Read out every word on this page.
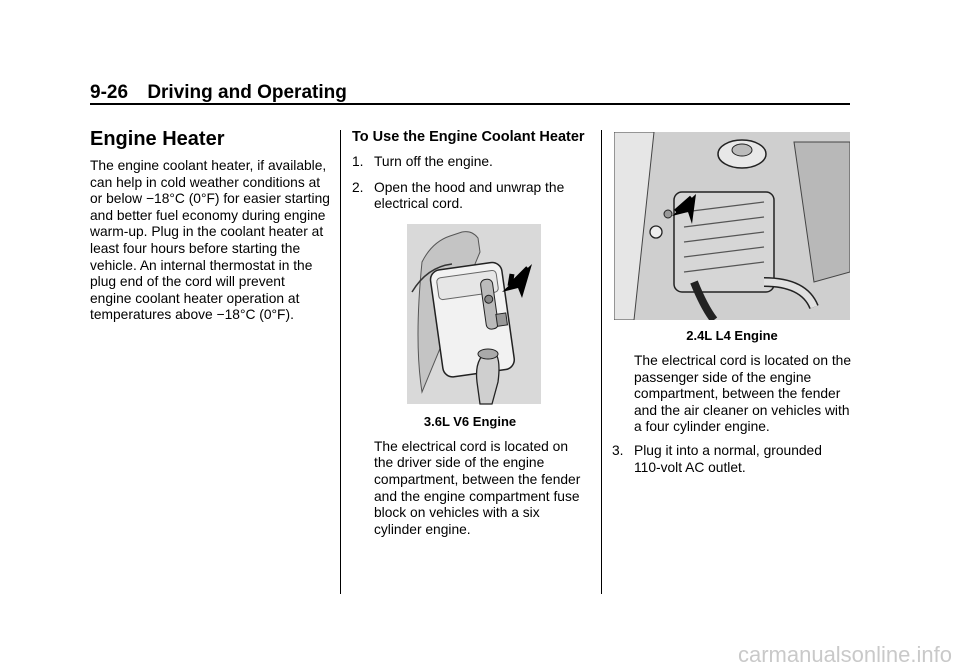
9-26 Driving and Operating
Engine Heater

The engine coolant heater, if available, can help in cold weather conditions at or below −18°C (0°F) for easier starting and better fuel economy during engine warm-up. Plug in the coolant heater at least four hours before starting the vehicle. An internal thermostat in the plug end of the cord will prevent engine coolant heater operation at temperatures above −18°C (0°F).

To Use the Engine Coolant Heater
1. Turn off the engine.
2. Open the hood and unwrap the electrical cord.
3.6L V6 Engine

The electrical cord is located on the driver side of the engine compartment, between the fender and the engine compartment fuse block on vehicles with a six cylinder engine.

2.4L L4 Engine

The electrical cord is located on the passenger side of the engine compartment, between the fender and the air cleaner on vehicles with a four cylinder engine.

3. Plug it into a normal, grounded 110-volt AC outlet.
carmanualsonline.info
